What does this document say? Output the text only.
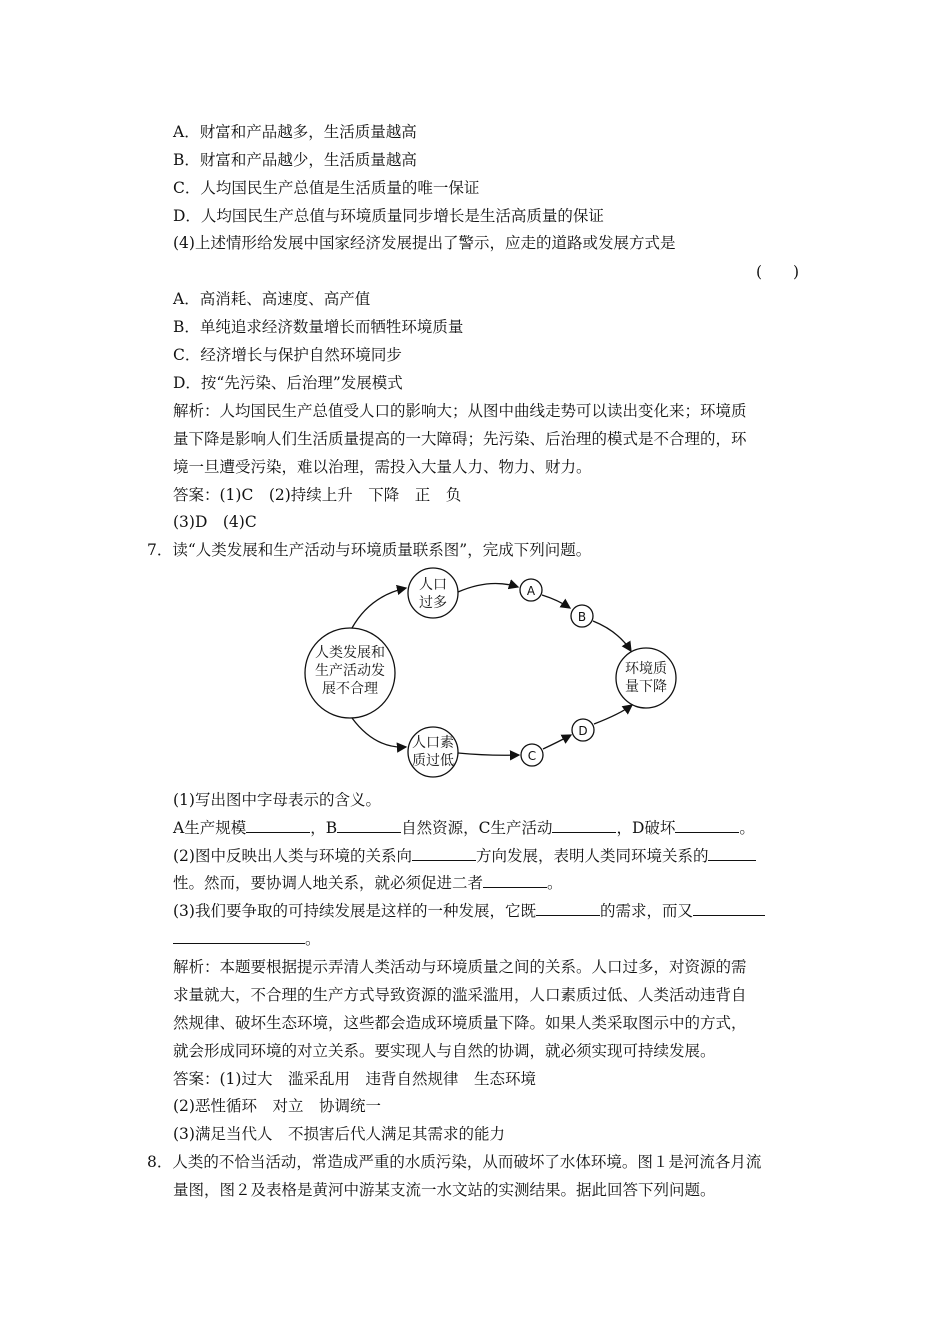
A．财富和产品越多，生活质量越高
B．财富和产品越少，生活质量越高
C．人均国民生产总值是生活质量的唯一保证
D．人均国民生产总值与环境质量同步增长是生活高质量的保证
(4)上述情形给发展中国家经济发展提出了警示，应走的道路或发展方式是
(　　)
A．高消耗、高速度、高产值
B．单纯追求经济数量增长而牺牲环境质量
C．经济增长与保护自然环境同步
D．按“先污染、后治理”发展模式
解析：人均国民生产总值受人口的影响大；从图中曲线走势可以读出变化来；环境质
量下降是影响人们生活质量提高的一大障碍；先污染、后治理的模式是不合理的，环
境一旦遭受污染，难以治理，需投入大量人力、物力、财力。
答案：(1)C　(2)持续上升　下降　正　负
(3)D　(4)C
7．读“人类发展和生产活动与环境质量联系图”，完成下列问题。
人类发展和
生产活动发
展不合理
人口
过多
人口素
质过低
环境质
量下降
A
B
C
D
(1)写出图中字母表示的含义。
A生产规模	，B	自然资源，C生产活动	，D破坏	。
(2)图中反映出人类与环境的关系向	方向发展，表明人类同环境关系的
性。然而，要协调人地关系，就必须促进二者	。
(3)我们要争取的可持续发展是这样的一种发展，它既	的需求，而又
。
解析：本题要根据提示弄清人类活动与环境质量之间的关系。人口过多，对资源的需
求量就大，不合理的生产方式导致资源的滥采滥用，人口素质过低、人类活动违背自
然规律、破坏生态环境，这些都会造成环境质量下降。如果人类采取图示中的方式，
就会形成同环境的对立关系。要实现人与自然的协调，就必须实现可持续发展。
答案：(1)过大　滥采乱用　违背自然规律　生态环境
(2)恶性循环　对立　协调统一
(3)满足当代人　不损害后代人满足其需求的能力
8．人类的不恰当活动，常造成严重的水质污染，从而破坏了水体环境。图１是河流各月流
量图，图２及表格是黄河中游某支流一水文站的实测结果。据此回答下列问题。
